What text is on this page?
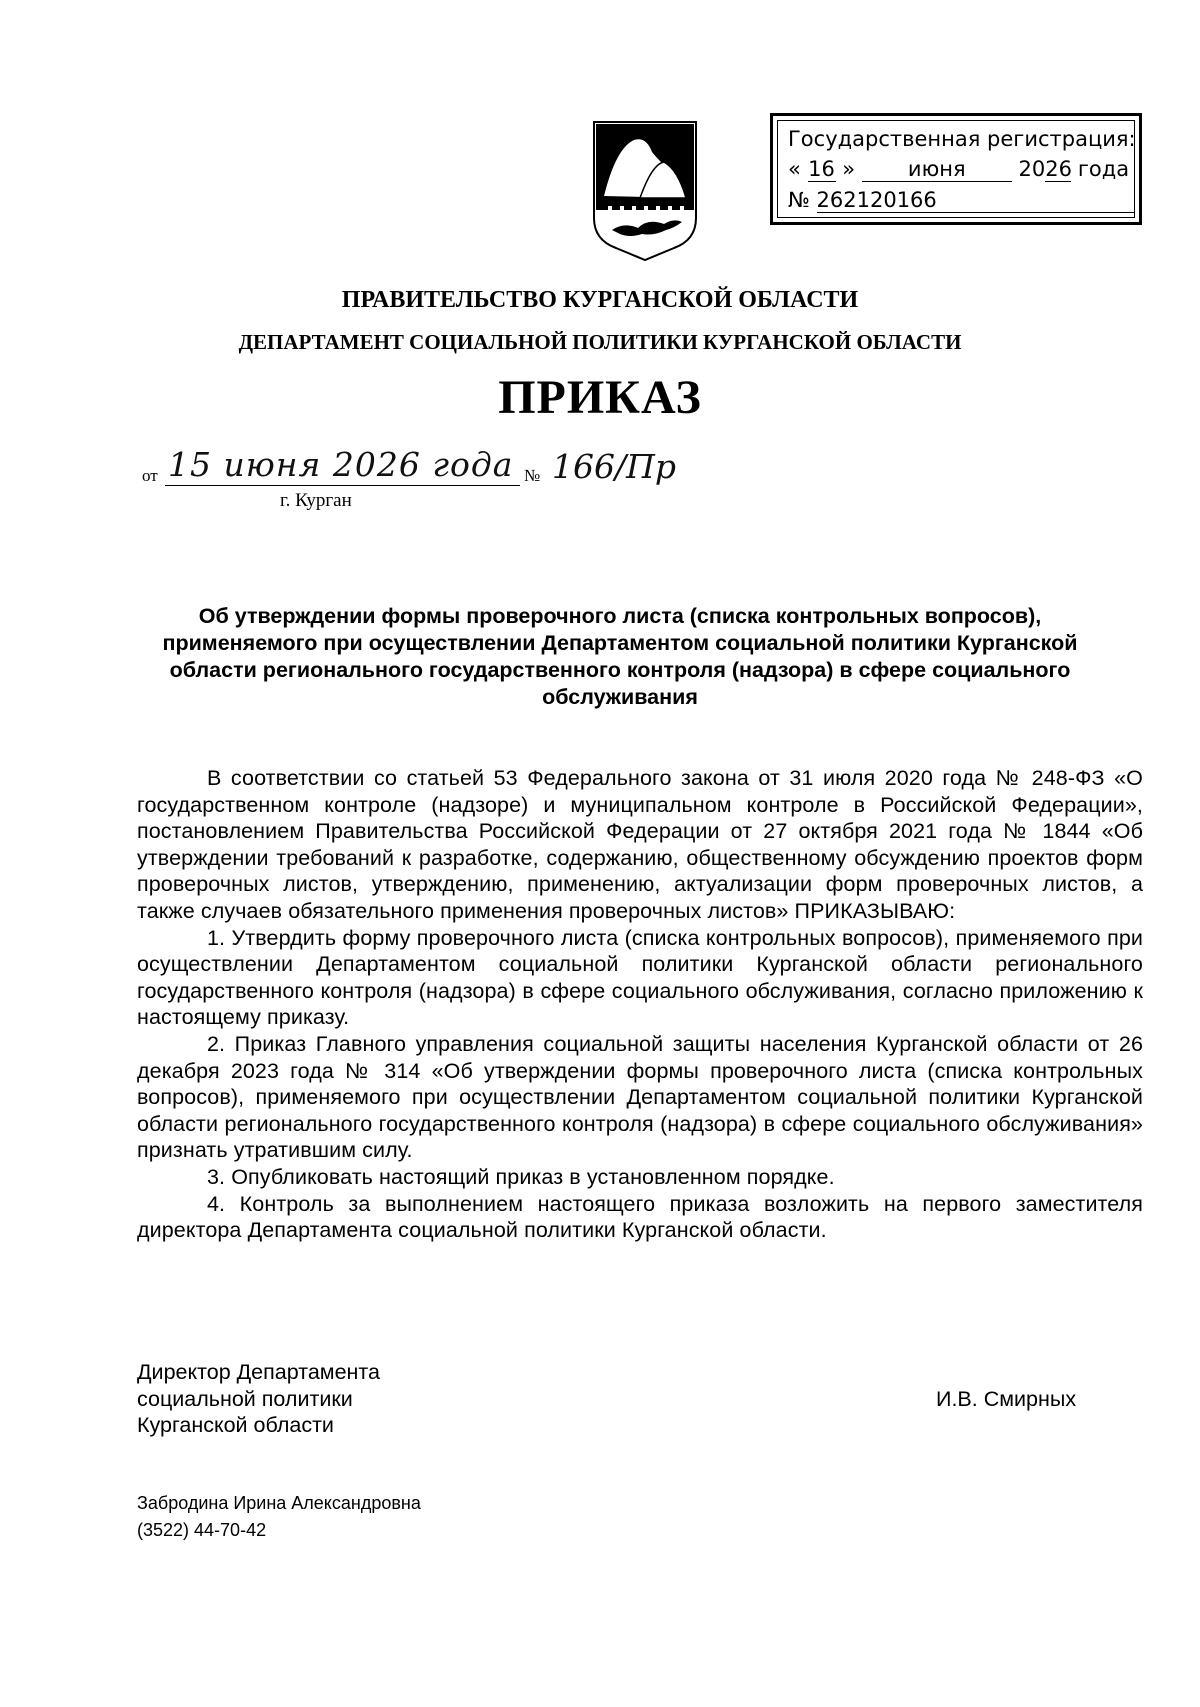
Государственная регистрация:
« 16 »	июня	2026 года
№ 262120166
ПРАВИТЕЛЬСТВО КУРГАНСКОЙ ОБЛАСТИ
ДЕПАРТАМЕНТ СОЦИАЛЬНОЙ ПОЛИТИКИ КУРГАНСКОЙ ОБЛАСТИ
ПРИКАЗ
от 15 июня 2026 года № 166/Пр
г. Курган
Об утверждении формы проверочного листа (списка контрольных вопросов), применяемого при осуществлении Департаментом социальной политики Курганской области регионального государственного контроля (надзора) в сфере социального обслуживания

В соответствии со статьей 53 Федерального закона от 31 июля 2020 года № 248-ФЗ «О государственном контроле (надзоре) и муниципальном контроле в Российской Федерации», постановлением Правительства Российской Федерации от 27 октября 2021 года № 1844 «Об утверждении требований к разработке, содержанию, общественному обсуждению проектов форм проверочных листов, утверждению, применению, актуализации форм проверочных листов, а также случаев обязательного применения проверочных листов» ПРИКАЗЫВАЮ:

1. Утвердить форму проверочного листа (списка контрольных вопросов), применяемого при осуществлении Департаментом социальной политики Курганской области регионального государственного контроля (надзора) в сфере социального обслуживания, согласно приложению к настоящему приказу.

2. Приказ Главного управления социальной защиты населения Курганской области от 26 декабря 2023 года № 314 «Об утверждении формы проверочного листа (списка контрольных вопросов), применяемого при осуществлении Департаментом социальной политики Курганской области регионального государственного контроля (надзора) в сфере социального обслуживания» признать утратившим силу.

3. Опубликовать настоящий приказ в установленном порядке.

4. Контроль за выполнением настоящего приказа возложить на первого заместителя директора Департамента социальной политики Курганской области.

Директор Департамента
социальной политики
Курганской области
И.В. Смирных
Забродина Ирина Александровна
(3522) 44-70-42
